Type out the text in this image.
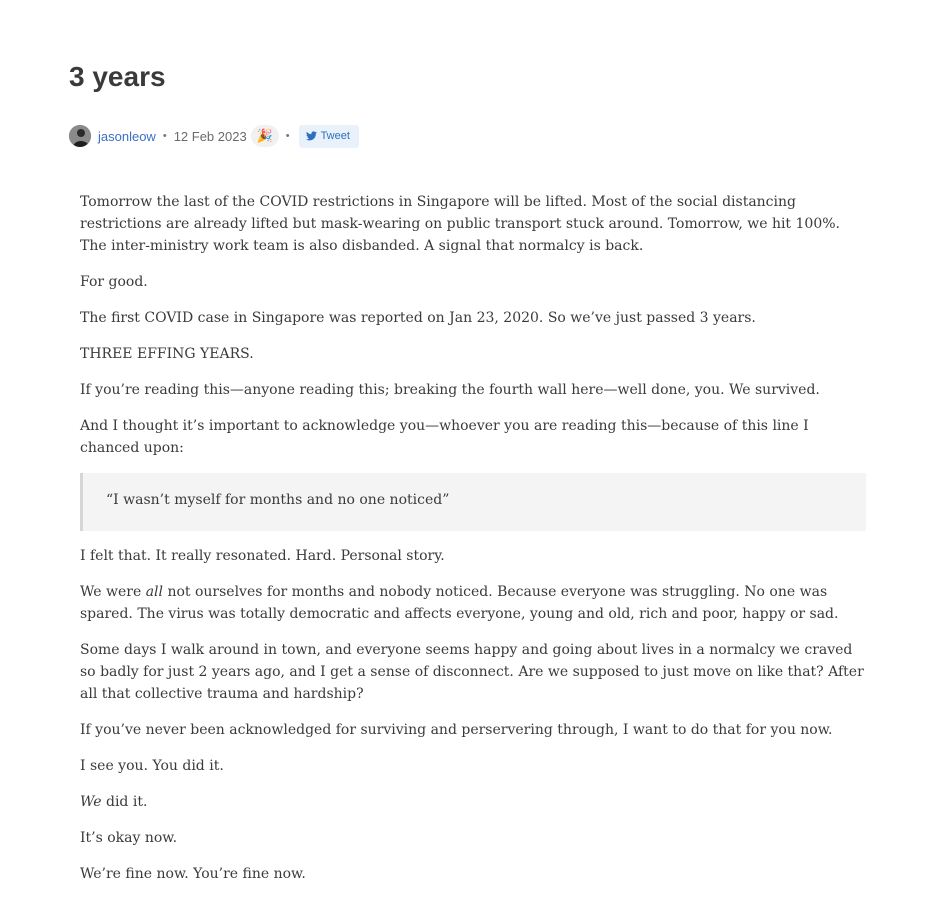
3 years
jasonleow • 12 Feb 2023 🎉 •	Tweet

Tomorrow the last of the COVID restrictions in Singapore will be lifted. Most of the social distancing restrictions are already lifted but mask-wearing on public transport stuck around. Tomorrow, we hit 100%. The inter-ministry work team is also disbanded. A signal that normalcy is back.

For good.

The first COVID case in Singapore was reported on Jan 23, 2020. So we’ve just passed 3 years.

THREE EFFING YEARS.

If you’re reading this—anyone reading this; breaking the fourth wall here—well done, you. We survived.

And I thought it’s important to acknowledge you—whoever you are reading this—because of this line I chanced upon:

“I wasn’t myself for months and no one noticed”

I felt that. It really resonated. Hard. Personal story.

We were all not ourselves for months and nobody noticed. Because everyone was struggling. No one was spared. The virus was totally democratic and affects everyone, young and old, rich and poor, happy or sad.

Some days I walk around in town, and everyone seems happy and going about lives in a normalcy we craved so badly for just 2 years ago, and I get a sense of disconnect. Are we supposed to just move on like that? After all that collective trauma and hardship?

If you’ve never been acknowledged for surviving and perservering through, I want to do that for you now.

I see you. You did it.

We did it.

It’s okay now.

We’re fine now. You’re fine now.
